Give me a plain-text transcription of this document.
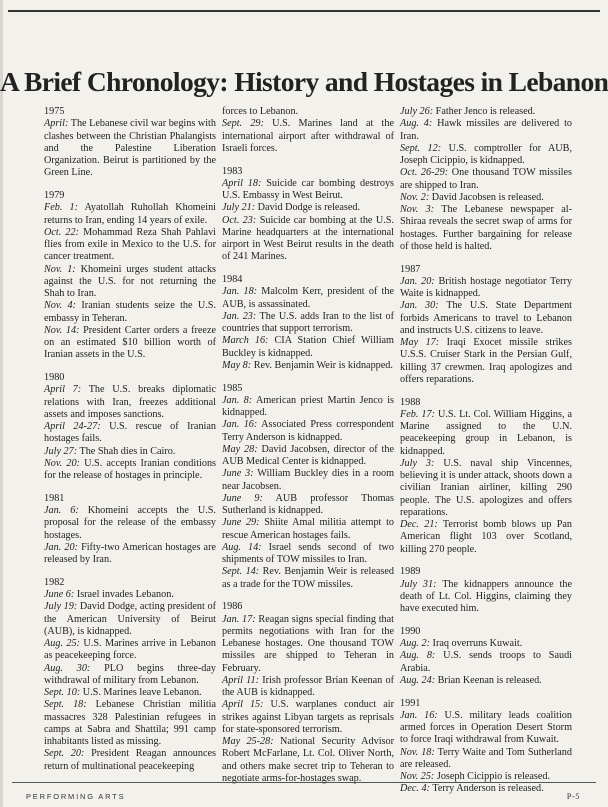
A Brief Chronology: History and Hostages in Lebanon
1975

April: The Lebanese civil war begins with clashes between the Christian Phalangists and the Palestine Liberation Organization. Beirut is partitioned by the Green Line.

1979

Feb. 1: Ayatollah Ruhollah Khomeini returns to Iran, ending 14 years of exile.

Oct. 22: Mohammad Reza Shah Pahlavi flies from exile in Mexico to the U.S. for cancer treatment.

Nov. 1: Khomeini urges student attacks against the U.S. for not returning the Shah to Iran.

Nov. 4: Iranian students seize the U.S. embassy in Teheran.

Nov. 14: President Carter orders a freeze on an estimated $10 billion worth of Iranian assets in the U.S.

1980

April 7: The U.S. breaks diplomatic relations with Iran, freezes additional assets and imposes sanctions.

April 24-27: U.S. rescue of Iranian hostages fails.

July 27: The Shah dies in Cairo.

Nov. 20: U.S. accepts Iranian conditions for the release of hostages in principle.

1981

Jan. 6: Khomeini accepts the U.S. proposal for the release of the embassy hostages.

Jan. 20: Fifty-two American hostages are released by Iran.

1982

June 6: Israel invades Lebanon.

July 19: David Dodge, acting president of the American University of Beirut (AUB), is kidnapped.

Aug. 25: U.S. Marines arrive in Lebanon as peacekeeping force.

Aug. 30: PLO begins three-day withdrawal of military from Lebanon.

Sept. 10: U.S. Marines leave Lebanon.

Sept. 18: Lebanese Christian militia massacres 328 Palestinian refugees in camps at Sabra and Shattila; 991 camp inhabitants listed as missing.

Sept. 20: President Reagan announces return of multinational peacekeeping

forces to Lebanon.

Sept. 29: U.S. Marines land at the international airport after withdrawal of Israeli forces.

1983

April 18: Suicide car bombing destroys U.S. Embassy in West Beirut.

July 21: David Dodge is released.

Oct. 23: Suicide car bombing at the U.S. Marine headquarters at the international airport in West Beirut results in the death of 241 Marines.

1984

Jan. 18: Malcolm Kerr, president of the AUB, is assassinated.

Jan. 23: The U.S. adds Iran to the list of countries that support terrorism.

March 16: CIA Station Chief William Buckley is kidnapped.

May 8: Rev. Benjamin Weir is kidnapped.

1985

Jan. 8: American priest Martin Jenco is kidnapped.

Jan. 16: Associated Press correspondent Terry Anderson is kidnapped.

May 28: David Jacobsen, director of the AUB Medical Center is kidnapped.

June 3: William Buckley dies in a room near Jacobsen.

June 9: AUB professor Thomas Sutherland is kidnapped.

June 29: Shiite Amal militia attempt to rescue American hostages fails.

Aug. 14: Israel sends second of two shipments of TOW missiles to Iran.

Sept. 14: Rev. Benjamin Weir is released as a trade for the TOW missiles.

1986

Jan. 17: Reagan signs special finding that permits negotiations with Iran for the Lebanese hostages. One thousand TOW missiles are shipped to Teheran in February.

April 11: Irish professor Brian Keenan of the AUB is kidnapped.

April 15: U.S. warplanes conduct air strikes against Libyan targets as reprisals for state-sponsored terrorism.

May 25-28: National Security Advisor Robert McFarlane, Lt. Col. Oliver North, and others make secret trip to Teheran to negotiate arms-for-hostages swap.

July 26: Father Jenco is released.

Aug. 4: Hawk missiles are delivered to Iran.

Sept. 12: U.S. comptroller for AUB, Joseph Cicippio, is kidnapped.

Oct. 26-29: One thousand TOW missiles are shipped to Iran.

Nov. 2: David Jacobsen is released.

Nov. 3: The Lebanese newspaper al-Shiraa reveals the secret swap of arms for hostages. Further bargaining for release of those held is halted.

1987

Jan. 20: British hostage negotiator Terry Waite is kidnapped.

Jan. 30: The U.S. State Department forbids Americans to travel to Lebanon and instructs U.S. citizens to leave.

May 17: Iraqi Exocet missile strikes U.S.S. Cruiser Stark in the Persian Gulf, killing 37 crewmen. Iraq apologizes and offers reparations.

1988

Feb. 17: U.S. Lt. Col. William Higgins, a Marine assigned to the U.N. peacekeeping group in Lebanon, is kidnapped.

July 3: U.S. naval ship Vincennes, believing it is under attack, shoots down a civilian Iranian airliner, killing 290 people. The U.S. apologizes and offers reparations.

Dec. 21: Terrorist bomb blows up Pan American flight 103 over Scotland, killing 270 people.

1989

July 31: The kidnappers announce the death of Lt. Col. Higgins, claiming they have executed him.

1990

Aug. 2: Iraq overruns Kuwait.

Aug. 8: U.S. sends troops to Saudi Arabia.

Aug. 24: Brian Keenan is released.

1991

Jan. 16: U.S. military leads coalition armed forces in Operation Desert Storm to force Iraqi withdrawal from Kuwait.

Nov. 18: Terry Waite and Tom Sutherland are released.

Nov. 25: Joseph Cicippio is released.

Dec. 4: Terry Anderson is released.

PERFORMING ARTS	P-5
